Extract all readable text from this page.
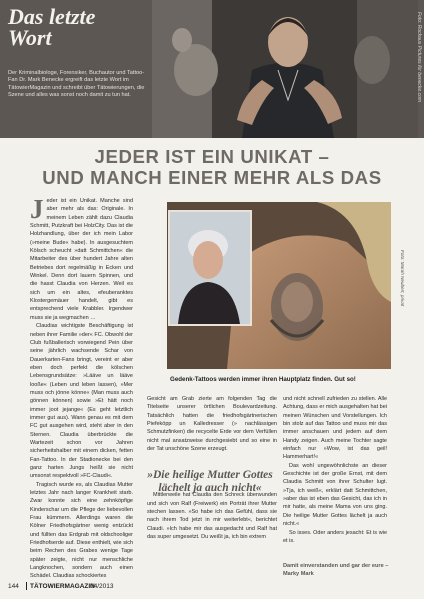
Das letzte
Wort
Der Kriminalbiologe, Forensiker, Buchautor und Tattoo-Fan Dr. Mark Benecke ergreift das letzte Wort im TätowierMagazin und schreibt über Tätowierungen, die Szene und alles was sonst noch damit zu tun hat.	Foto: Rockaus Pictures für benecke.com
JEDER IST EIN UNIKAT –
UND MANCH EINER MEHR ALS DAS
J eder ist ein Unikat. Manche sind aber mehr als das: Originale. In meinem Leben zählt dazu Claudia Schmitt, Putzkraft bei HolzCity. Das ist die Holzhandlung, über der ich mein Labor (»meine Bude« habe). In ausgesuchtem Kölsch scheucht »datt Schmittchen« die Mitarbeiter des über hundert Jahre alten Betriebes dort regelmäßig in Ecken und Winkel. Denn dort lauern Spinnen, und die hasst Claudia von Herzen. Weil es sich um ein altes, efeuberanktes Klostergemäuer handelt, gibt es entsprechend viele Krabbler. Irgendwer muss sie ja wegmachen …
Claudias wichtigste Beschäftigung ist neben ihrer Familie »der« FC. Obwohl der Club fußballerisch vorwiegend Pein über seine jährlich wachsende Schar von Dauerkarten-Fans bringt, vereint er aber eben doch perfekt die kölschen Lebensgrundsätze: »Lääve un lääve looße« (Leben und leben lassen), »Mer muss och jönne könne« (Man muss auch gönnen können) sowie »Et hätt noch immer joot jejange« (Es geht letztlich immer gut aus). Wann genau es mit dem FC gut ausgehen wird, steht aber in den Sternen. Claudia überbrückte die Wartezeit schon vor Jahren sicherheitshalber mit einem dicken, fetten Fan-Tattoo. In der Stadionecke bei den ganz harten Jungs heißt sie nicht umsonst respektvoll »FC-Claudi«.
Tragisch wurde es, als Claudias Mutter letztes Jahr nach langer Krankheit starb. Zwar konnte sich eine zehnköpfige Kinderschar um die Pflege der liebevollen Frau kümmern. Allerdings waren die Kölner Friedhofsgärtner wenig entzückt und füllten das Erdgrab mit oldschooliger Friedhofserde auf. Diese enthielt, wie sich beim Rechen des Grabes wenige Tage später zeigte, nicht nur menschliche Langknochen, sondern auch einen Schädel. Claudias schockiertes
Gedenk-Tattoos werden immer ihren Hauptplatz finden. Gut so!
Foto: Marah Neubert, privat
»Die heilige Mutter Gottes lächelt ja auch nicht«
Gesicht am Grab zierte am folgenden Tag die Titelseite unserer örtlichen Boulevardzeitung. Tatsächlich hatten die friedhofsgärtnerischen Piefeköpp un Kalledresser (» nachlässigen Schmutzfinken) die recycelte Erde vor dem Verfüllen nicht mal ansatzweise durchgesiebt und so eine in der Tat unschöne Szene erzeugt.
Mittlerweile hat Claudia den Schreck überwunden und sich von Ralf (Freiwerk) ein Porträt ihrer Mutter stechen lassen. »So habe ich das Gefühl, dass sie nach ihrem Tod jetzt in mir weiterlebt«, berichtet Claudi. »Ich habe mir das ausgedacht und Ralf hat das super umgesetzt. Du weißt ja, ich bin extrem
und nicht schnell zufrieden zu stellen. Alle Achtung, dass er mich ausgehalten hat bei meinen Wünschen und Vorstellungen. Ich bin stolz auf das Tattoo und muss mir das immer anschauen und jedem auf dem Handy zeigen. Auch meine Tochter sagte einfach nur »Wow, ist das geil! Hammerhart!«
Das wohl ungewöhnlichste an dieser Geschichte ist der große Ernst, mit dem Claudia Schmitt von ihrer Schulter lugt. »Tja, ich weiß«, erklärt datt Schmittchen, »aber das ist eben das Gesicht, das ich in mir hatte, als meine Mama von uns ging. Die heilige Mutter Gottes lächelt ja auch nicht.«
So isses. Oder anders jesacht: Et is wie et is.
Damit einverstanden und gar der eure –
Marky Mark
144 TÄTOWIERMAGAZIN
04/2013
